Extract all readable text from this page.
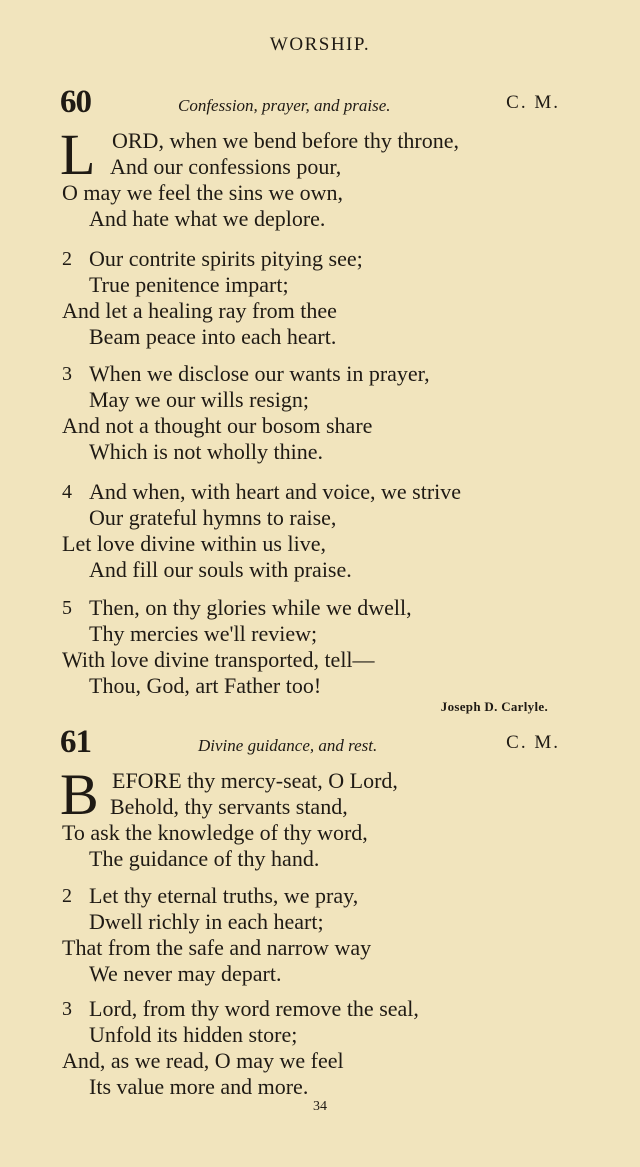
WORSHIP.
60	Confession, prayer, and praise.	C. M.
L ORD, when we bend before thy throne,
And our confessions pour,
O may we feel the sins we own,
And hate what we deplore.
2 Our contrite spirits pitying see;
True penitence impart;
And let a healing ray from thee
Beam peace into each heart.
3 When we disclose our wants in prayer,
May we our wills resign;
And not a thought our bosom share
Which is not wholly thine.
4 And when, with heart and voice, we strive
Our grateful hymns to raise,
Let love divine within us live,
And fill our souls with praise.
5 Then, on thy glories while we dwell,
Thy mercies we'll review;
With love divine transported, tell—
Thou, God, art Father too!
Joseph D. Carlyle.
61	Divine guidance, and rest.	C. M.
B EFORE thy mercy-seat, O Lord,
Behold, thy servants stand,
To ask the knowledge of thy word,
The guidance of thy hand.
2 Let thy eternal truths, we pray,
Dwell richly in each heart;
That from the safe and narrow way
We never may depart.
3 Lord, from thy word remove the seal,
Unfold its hidden store;
And, as we read, O may we feel
Its value more and more.
34
